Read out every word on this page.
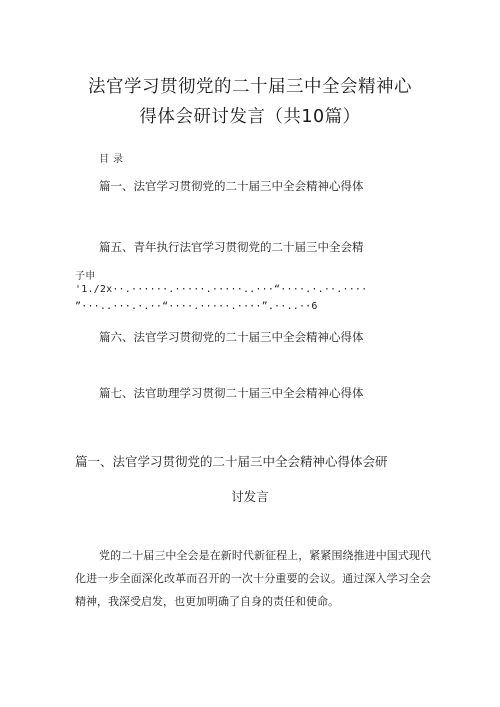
法官学习贯彻党的二十届三中全会精神心
得体会研讨发言（共10篇）
目录
篇一、法官学习贯彻党的二十届三中全会精神心得体
篇五、青年执行法官学习贯彻党的二十届三中全会精
子申
'1./2x··.······.·····.·····..···“····.·.··.····
”···..···.·.··“····.·····.····”.··..··6
篇六、法官学习贯彻党的二十届三中全会精神心得体
篇七、法官助理学习贯彻二十届三中全会精神心得体
篇一、法官学习贯彻党的二十届三中全会精神心得体会研
讨发言
党的二十届三中全会是在新时代新征程上，紧紧围绕推进中国式现代化进一步全面深化改革而召开的一次十分重要的会议。通过深入学习全会精神，我深受启发，也更加明确了自身的责任和使命。
